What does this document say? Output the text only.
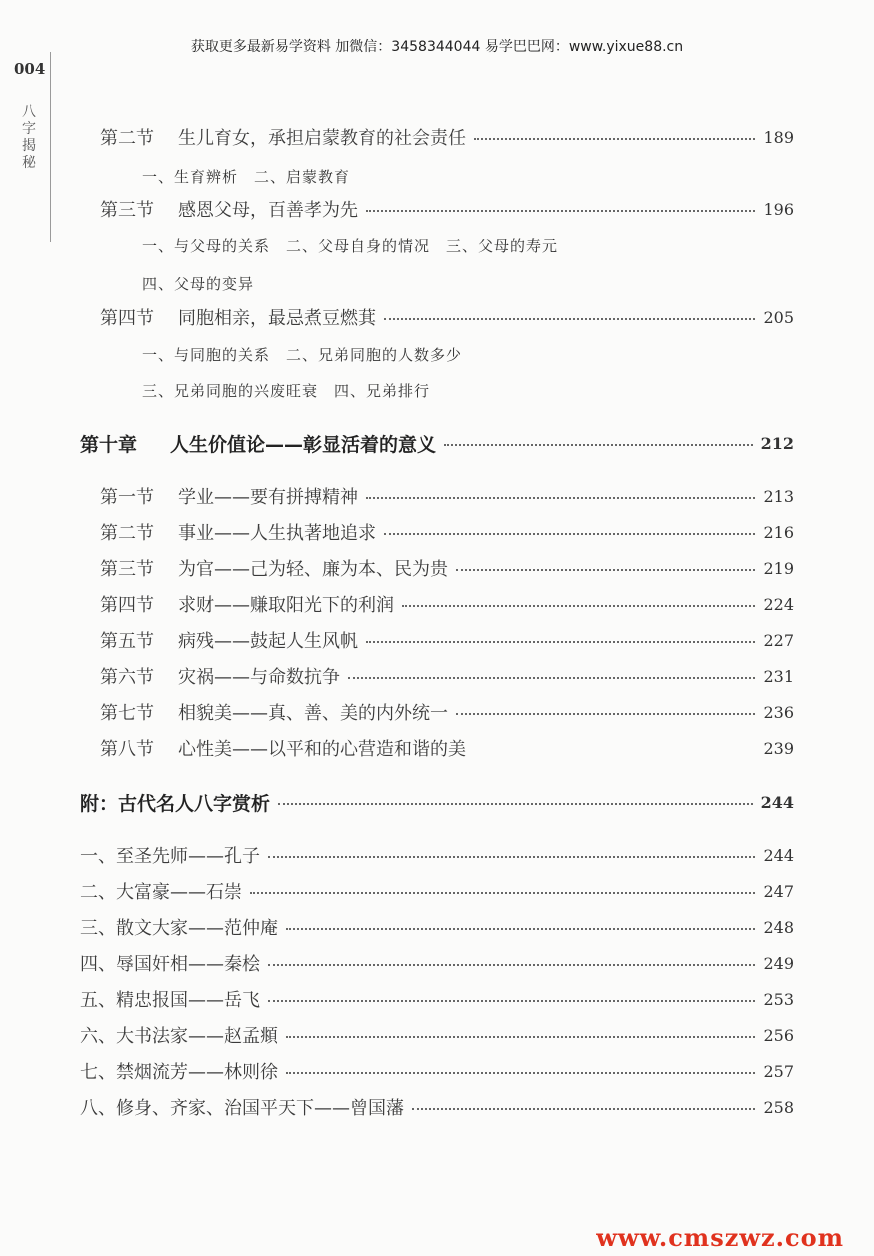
获取更多最新易学资料 加微信：3458344044 易学巴巴网：www.yixue88.cn
004
八
字
揭
秘
第二节 生儿育女，承担启蒙教育的社会责任	189
一、生育辨析　二、启蒙教育
第三节 感恩父母，百善孝为先	196
一、与父母的关系　二、父母自身的情况　三、父母的寿元
四、父母的变异
第四节 同胞相亲，最忌煮豆燃萁	205
一、与同胞的关系　二、兄弟同胞的人数多少
三、兄弟同胞的兴废旺衰　四、兄弟排行
第十章 人生价值论——彰显活着的意义	212
第一节 学业——要有拼搏精神	213
第二节 事业——人生执著地追求	216
第三节 为官——己为轻、廉为本、民为贵	219
第四节 求财——赚取阳光下的利润	224
第五节 病残——鼓起人生风帆	227
第六节 灾祸——与命数抗争	231
第七节 相貌美——真、善、美的内外统一	236
第八节 心性美——以平和的心营造和谐的美	239
附：古代名人八字赏析	244
一、至圣先师——孔子	244
二、大富豪——石崇	247
三、散文大家——范仲庵	248
四、辱国奸相——秦桧	249
五、精忠报国——岳飞	253
六、大书法家——赵孟頫	256
七、禁烟流芳——林则徐	257
八、修身、齐家、治国平天下——曾国藩	258
www.cmszwz.com
